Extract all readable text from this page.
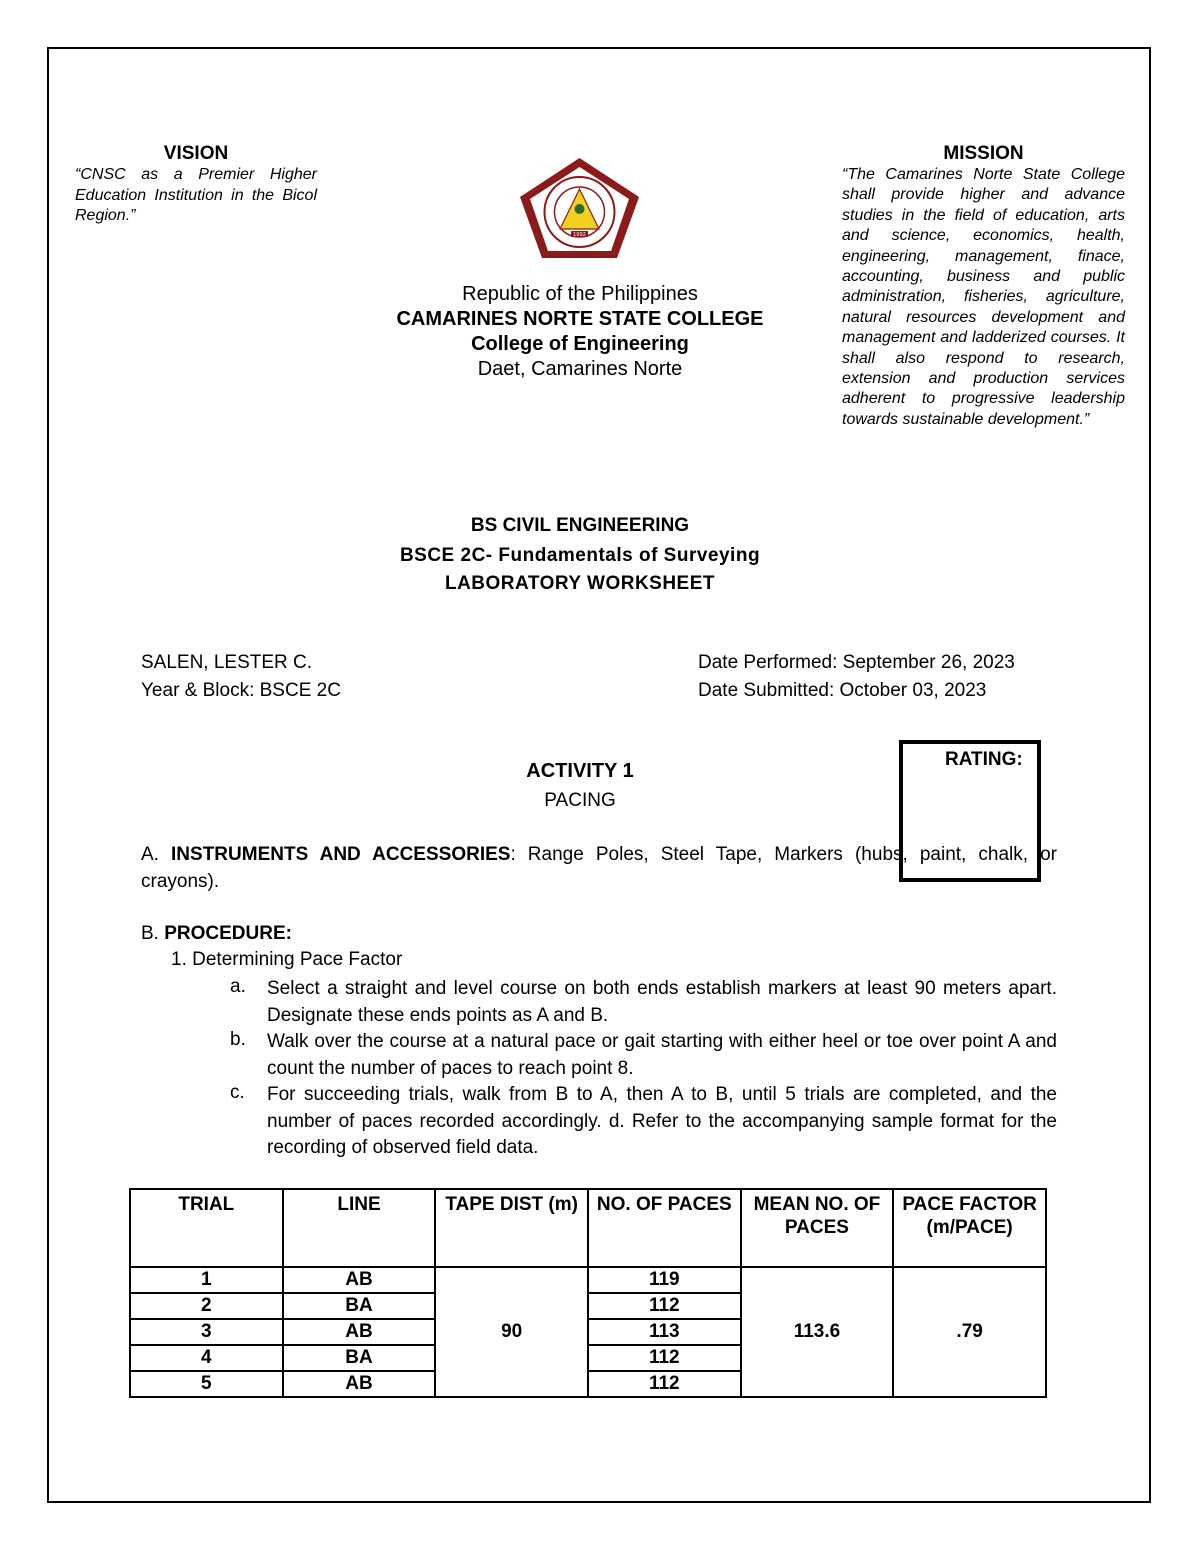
VISION
“CNSC as a Premier Higher Education Institution in the Bicol Region.”
1992
MISSION
“The Camarines Norte State College shall provide higher and advance studies in the field of education, arts and science, economics, health, engineering, management, finace, accounting, business and public administration, fisheries, agriculture, natural resources development and management and ladderized courses. It shall also respond to research, extension and production services adherent to progressive leadership towards sustainable development.”
Republic of the Philippines
CAMARINES NORTE STATE COLLEGE
College of Engineering
Daet, Camarines Norte
BS CIVIL ENGINEERING
BSCE 2C- Fundamentals of Surveying
LABORATORY WORKSHEET
SALEN, LESTER C.
Year & Block: BSCE 2C
Date Performed: September 26, 2023
Date Submitted: October 03, 2023
ACTIVITY 1
PACING
A. INSTRUMENTS AND ACCESSORIES: Range Poles, Steel Tape, Markers (hubs, paint, chalk, or crayons).
RATING:
B. PROCEDURE:
1. Determining Pace Factor
a. Select a straight and level course on both ends establish markers at least 90 meters apart. Designate these ends points as A and B.
b. Walk over the course at a natural pace or gait starting with either heel or toe over point A and count the number of paces to reach point 8.
c. For succeeding trials, walk from B to A, then A to B, until 5 trials are completed, and the number of paces recorded accordingly. d. Refer to the accompanying sample format for the recording of observed field data.
TRIAL	LINE	TAPE DIST (m)	NO. OF PACES	MEAN NO. OF PACES	PACE FACTOR (m/PACE)
1	AB	90	119	113.6	.79
2	BA		112		
3	AB		113		
4	BA		112		
5	AB		112		
